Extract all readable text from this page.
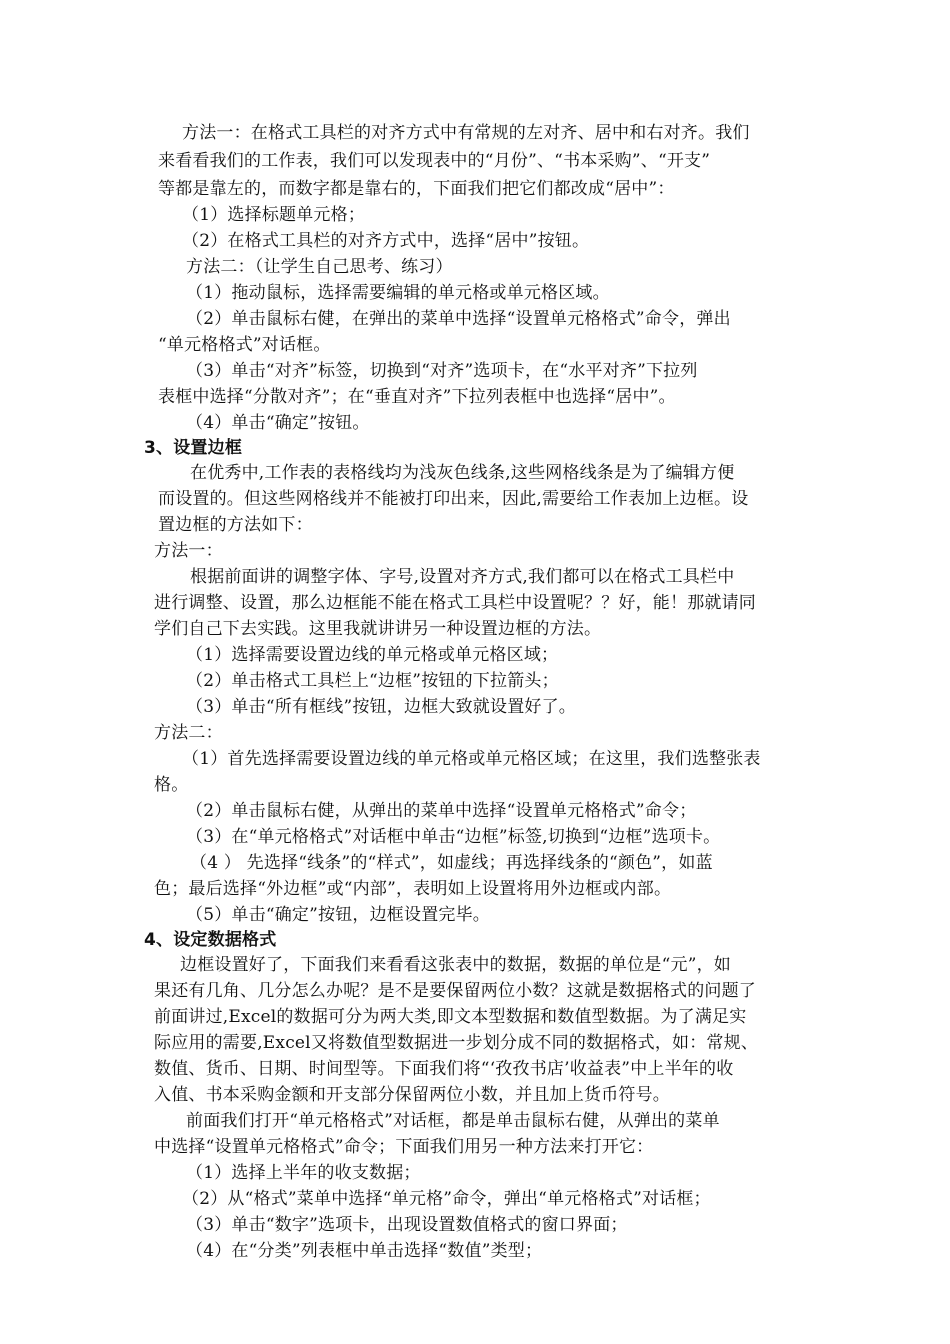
方法一：在格式工具栏的对齐方式中有常规的左对齐、居中和右对齐。我们
来看看我们的工作表，我们可以发现表中的“月份”、“书本采购”、“开支”
等都是靠左的，而数字都是靠右的，下面我们把它们都改成“居中”：
（1）选择标题单元格；
（2）在格式工具栏的对齐方式中，选择“居中”按钮。
方法二：（让学生自己思考、练习）
（1）拖动鼠标，选择需要编辑的单元格或单元格区域。
（2）单击鼠标右健，在弹出的菜单中选择“设置单元格格式”命令，弹出
“单元格格式”对话框。
（3）单击“对齐”标签，切换到“对齐”选项卡，在“水平对齐”下拉列
表框中选择“分散对齐”；在“垂直对齐”下拉列表框中也选择“居中”。
（4）单击“确定”按钮。
3、设置边框
在优秀中,工作表的表格线均为浅灰色线条,这些网格线条是为了编辑方便
而设置的。但这些网格线并不能被打印出来，因此,需要给工作表加上边框。设
置边框的方法如下：
方法一：
根据前面讲的调整字体、字号,设置对齐方式,我们都可以在格式工具栏中
进行调整、设置，那么边框能不能在格式工具栏中设置呢？？好，能！那就请同
学们自己下去实践。这里我就讲讲另一种设置边框的方法。
（1）选择需要设置边线的单元格或单元格区域；
（2）单击格式工具栏上“边框”按钮的下拉箭头；
（3）单击“所有框线”按钮，边框大致就设置好了。
方法二：
（1）首先选择需要设置边线的单元格或单元格区域；在这里，我们选整张表
格。
（2）单击鼠标右健，从弹出的菜单中选择“设置单元格格式”命令；
（3）在“单元格格式”对话框中单击“边框”标签,切换到“边框”选项卡。
（4 ） 先选择“线条”的“样式”，如虚线；再选择线条的“颜色”，如蓝
色；最后选择“外边框”或“内部”，表明如上设置将用外边框或内部。
（5）单击“确定”按钮，边框设置完毕。
4、设定数据格式
边框设置好了，下面我们来看看这张表中的数据，数据的单位是“元”，如
果还有几角、几分怎么办呢？是不是要保留两位小数？这就是数据格式的问题了
前面讲过,Excel的数据可分为两大类,即文本型数据和数值型数据。为了满足实
际应用的需要,Excel又将数值型数据进一步划分成不同的数据格式，如：常规、
数值、货币、日期、时间型等。下面我们将“‘孜孜书店’收益表”中上半年的收
入值、书本采购金额和开支部分保留两位小数，并且加上货币符号。
前面我们打开“单元格格式”对话框，都是单击鼠标右健，从弹出的菜单
中选择“设置单元格格式”命令；下面我们用另一种方法来打开它：
（1）选择上半年的收支数据；
（2）从“格式”菜单中选择“单元格”命令，弹出“单元格格式”对话框；
（3）单击“数字”选项卡，出现设置数值格式的窗口界面；
（4）在“分类”列表框中单击选择“数值”类型；
